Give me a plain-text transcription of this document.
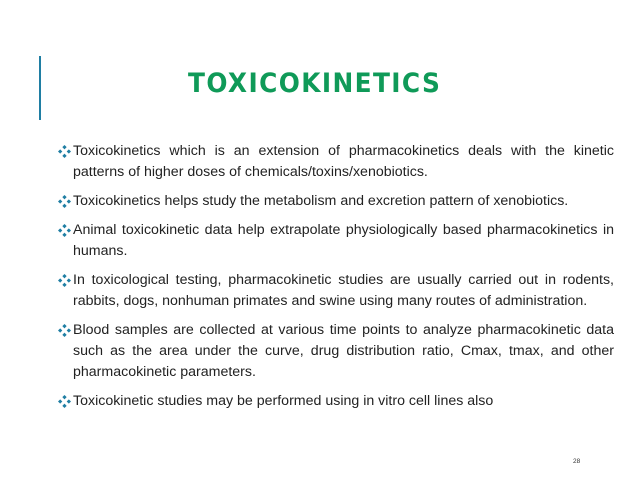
TOXICOKINETICS
Toxicokinetics which is an extension of pharmacokinetics deals with the kinetic patterns of higher doses of chemicals/toxins/xenobiotics.
Toxicokinetics helps study the metabolism and excretion pattern of xenobiotics.
Animal toxicokinetic data help extrapolate physiologically based pharmacokinetics in humans.
In toxicological testing, pharmacokinetic studies are usually carried out in rodents, rabbits, dogs, nonhuman primates and swine using many routes of administration.
Blood samples are collected at various time points to analyze pharmacokinetic data such as the area under the curve, drug distribution ratio, Cmax, tmax, and other pharmacokinetic parameters.
Toxicokinetic studies may be performed using in vitro cell lines also
28
